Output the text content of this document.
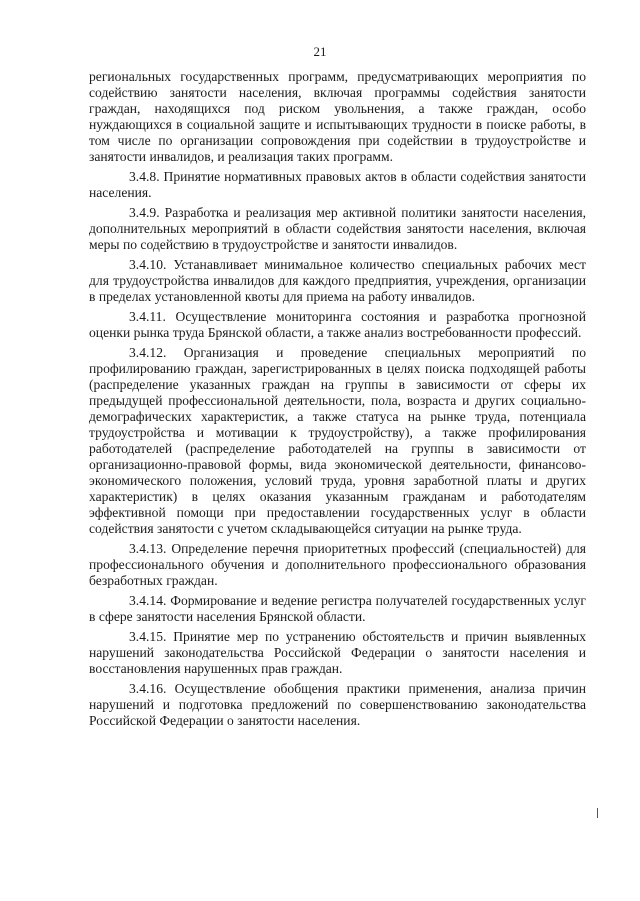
21

региональных государственных программ, предусматривающих мероприятия по содействию занятости населения, включая программы содействия занятости граждан, находящихся под риском увольнения, а также граждан, особо нуждающихся в социальной защите и испытывающих трудности в поиске работы, в том числе по организации сопровождения при содействии в трудоустройстве и занятости инвалидов, и реализация таких программ.

3.4.8. Принятие нормативных правовых актов в области содействия занятости населения.

3.4.9. Разработка и реализация мер активной политики занятости населения, дополнительных мероприятий в области содействия занятости населения, включая меры по содействию в трудоустройстве и занятости инвалидов.

3.4.10. Устанавливает минимальное количество специальных рабочих мест для трудоустройства инвалидов для каждого предприятия, учреждения, организации в пределах установленной квоты для приема на работу инвалидов.

3.4.11. Осуществление мониторинга состояния и разработка прогнозной оценки рынка труда Брянской области, а также анализ востребованности профессий.

3.4.12. Организация и проведение специальных мероприятий по профилированию граждан, зарегистрированных в целях поиска подходящей работы (распределение указанных граждан на группы в зависимости от сферы их предыдущей профессиональной деятельности, пола, возраста и других социально-демографических характеристик, а также статуса на рынке труда, потенциала трудоустройства и мотивации к трудоустройству), а также профилирования работодателей (распределение работодателей на группы в зависимости от организационно-правовой формы, вида экономической деятельности, финансово-экономического положения, условий труда, уровня заработной платы и других характеристик) в целях оказания указанным гражданам и работодателям эффективной помощи при предоставлении государственных услуг в области содействия занятости с учетом складывающейся ситуации на рынке труда.

3.4.13. Определение перечня приоритетных профессий (специальностей) для профессионального обучения и дополнительного профессионального образования безработных граждан.

3.4.14. Формирование и ведение регистра получателей государственных услуг в сфере занятости населения Брянской области.

3.4.15. Принятие мер по устранению обстоятельств и причин выявленных нарушений законодательства Российской Федерации о занятости населения и восстановления нарушенных прав граждан.

3.4.16. Осуществление обобщения практики применения, анализа причин нарушений и подготовка предложений по совершенствованию законодательства Российской Федерации о занятости населения.
